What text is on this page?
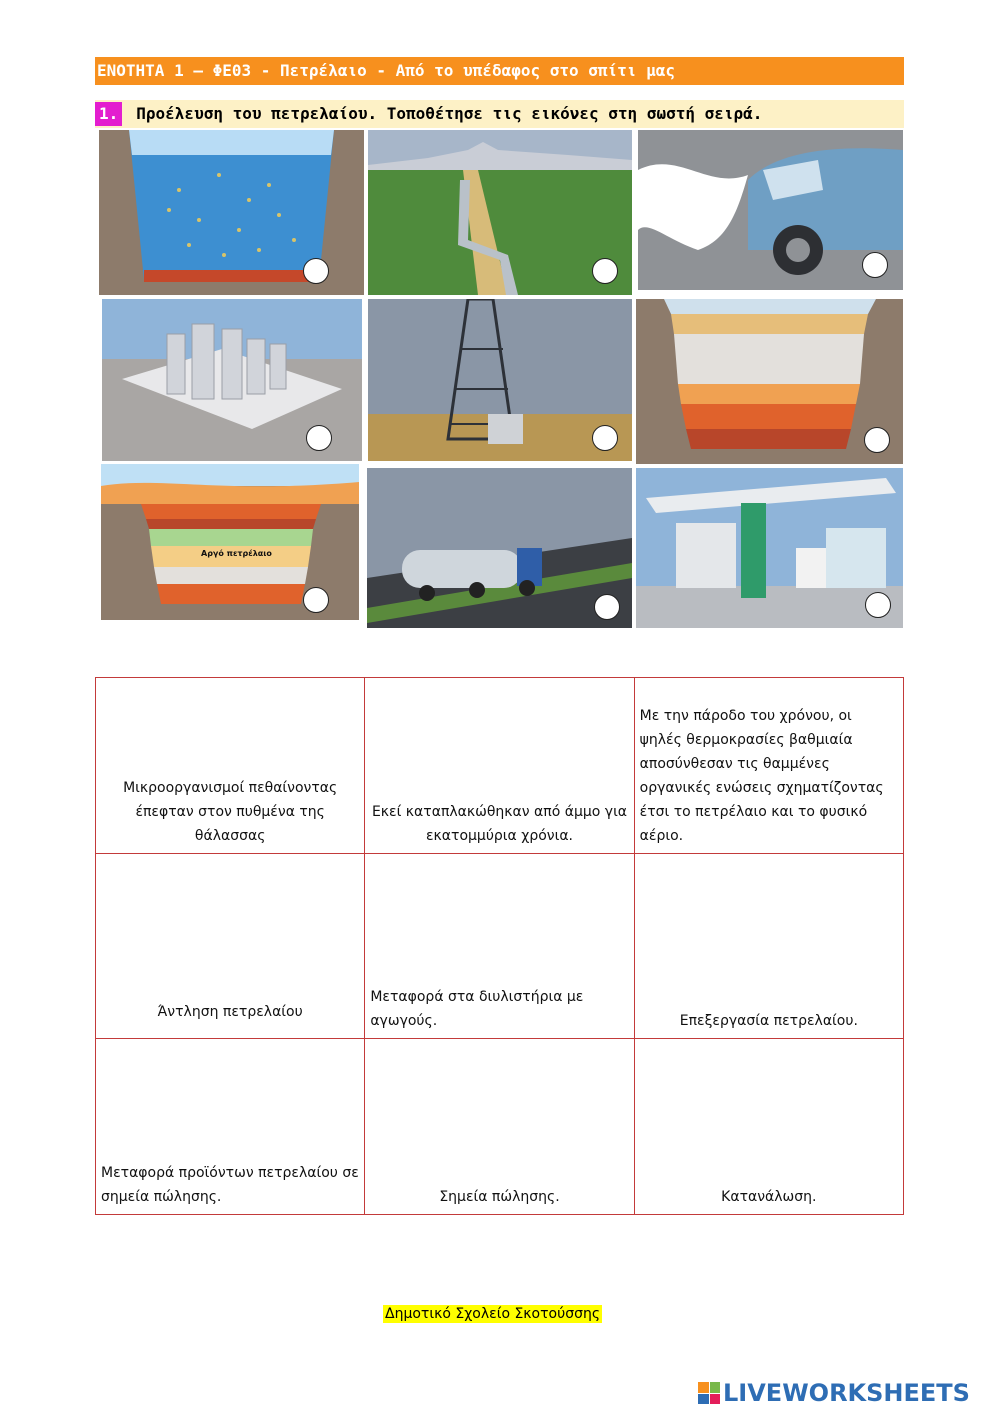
ΕΝΟΤΗΤΑ 1 – ΦΕ03 - Πετρέλαιο - Από το υπέδαφος στο σπίτι μας
1. Προέλευση του πετρελαίου. Τοποθέτησε τις εικόνες στη σωστή σειρά.
Αργό πετρέλαιο
Μικροοργανισμοί πεθαίνοντας έπεφταν στον πυθμένα της θάλασσας	Εκεί καταπλακώθηκαν από άμμο για εκατομμύρια χρόνια.	Με την πάροδο του χρόνου, οι ψηλές θερμοκρασίες βαθμιαία αποσύνθεσαν τις θαμμένες οργανικές ενώσεις σχηματίζοντας έτσι το πετρέλαιο και το φυσικό αέριο.
Άντληση πετρελαίου	Μεταφορά στα διυλιστήρια με αγωγούς.	Επεξεργασία πετρελαίου.
Μεταφορά προϊόντων πετρελαίου σε σημεία πώλησης.	Σημεία πώλησης.	Κατανάλωση.
Δημοτικό Σχολείο Σκοτούσσης
LIVEWORKSHEETS
